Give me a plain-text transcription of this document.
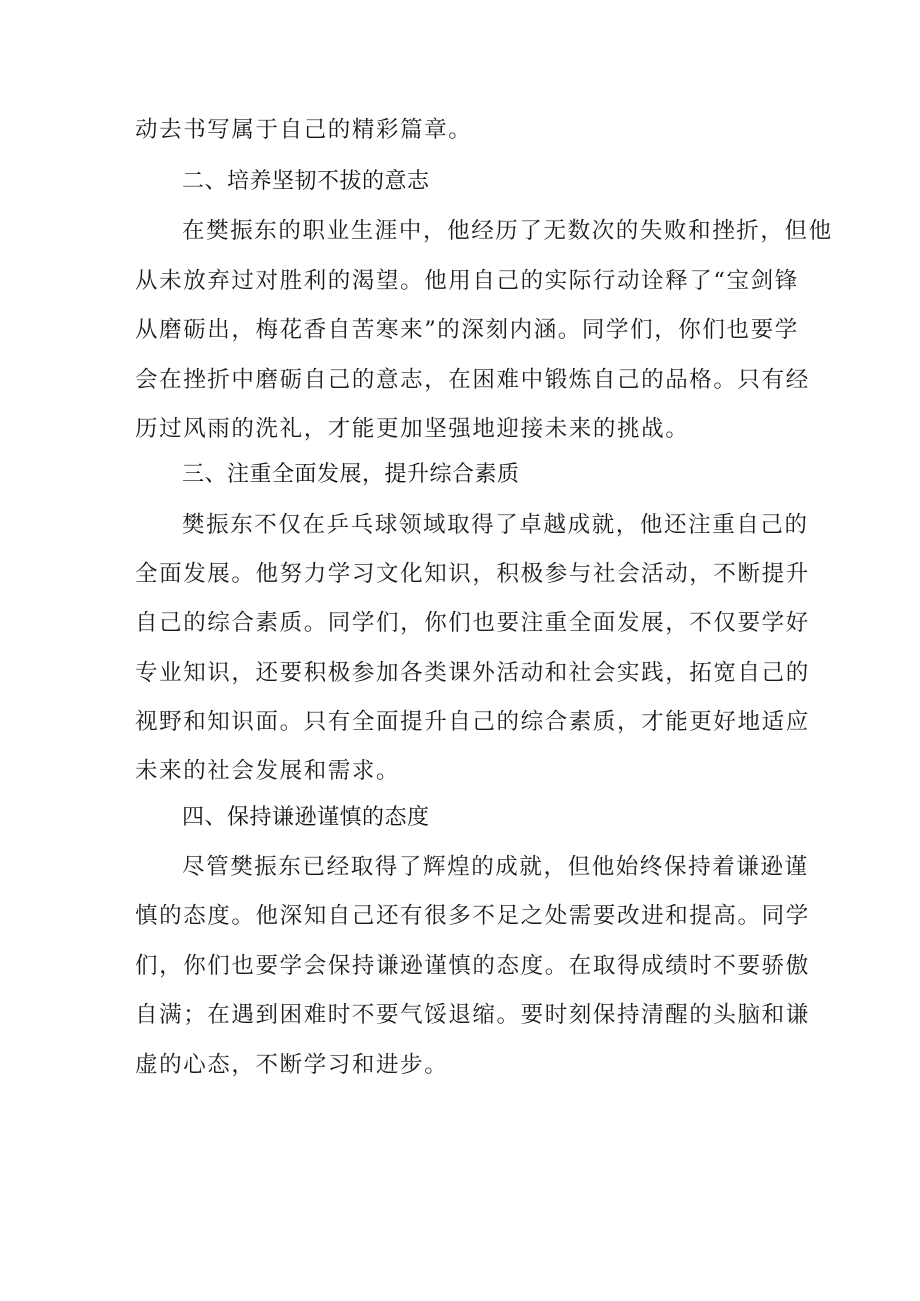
动去书写属于自己的精彩篇章。
二、培养坚韧不拔的意志
在樊振东的职业生涯中，他经历了无数次的失败和挫折，但他
从未放弃过对胜利的渴望。他用自己的实际行动诠释了“宝剑锋
从磨砺出，梅花香自苦寒来”的深刻内涵。同学们，你们也要学
会在挫折中磨砺自己的意志，在困难中锻炼自己的品格。只有经
历过风雨的洗礼，才能更加坚强地迎接未来的挑战。
三、注重全面发展，提升综合素质
樊振东不仅在乒乓球领域取得了卓越成就，他还注重自己的
全面发展。他努力学习文化知识，积极参与社会活动，不断提升
自己的综合素质。同学们，你们也要注重全面发展，不仅要学好
专业知识，还要积极参加各类课外活动和社会实践，拓宽自己的
视野和知识面。只有全面提升自己的综合素质，才能更好地适应
未来的社会发展和需求。
四、保持谦逊谨慎的态度
尽管樊振东已经取得了辉煌的成就，但他始终保持着谦逊谨
慎的态度。他深知自己还有很多不足之处需要改进和提高。同学
们，你们也要学会保持谦逊谨慎的态度。在取得成绩时不要骄傲
自满；在遇到困难时不要气馁退缩。要时刻保持清醒的头脑和谦
虚的心态，不断学习和进步。
